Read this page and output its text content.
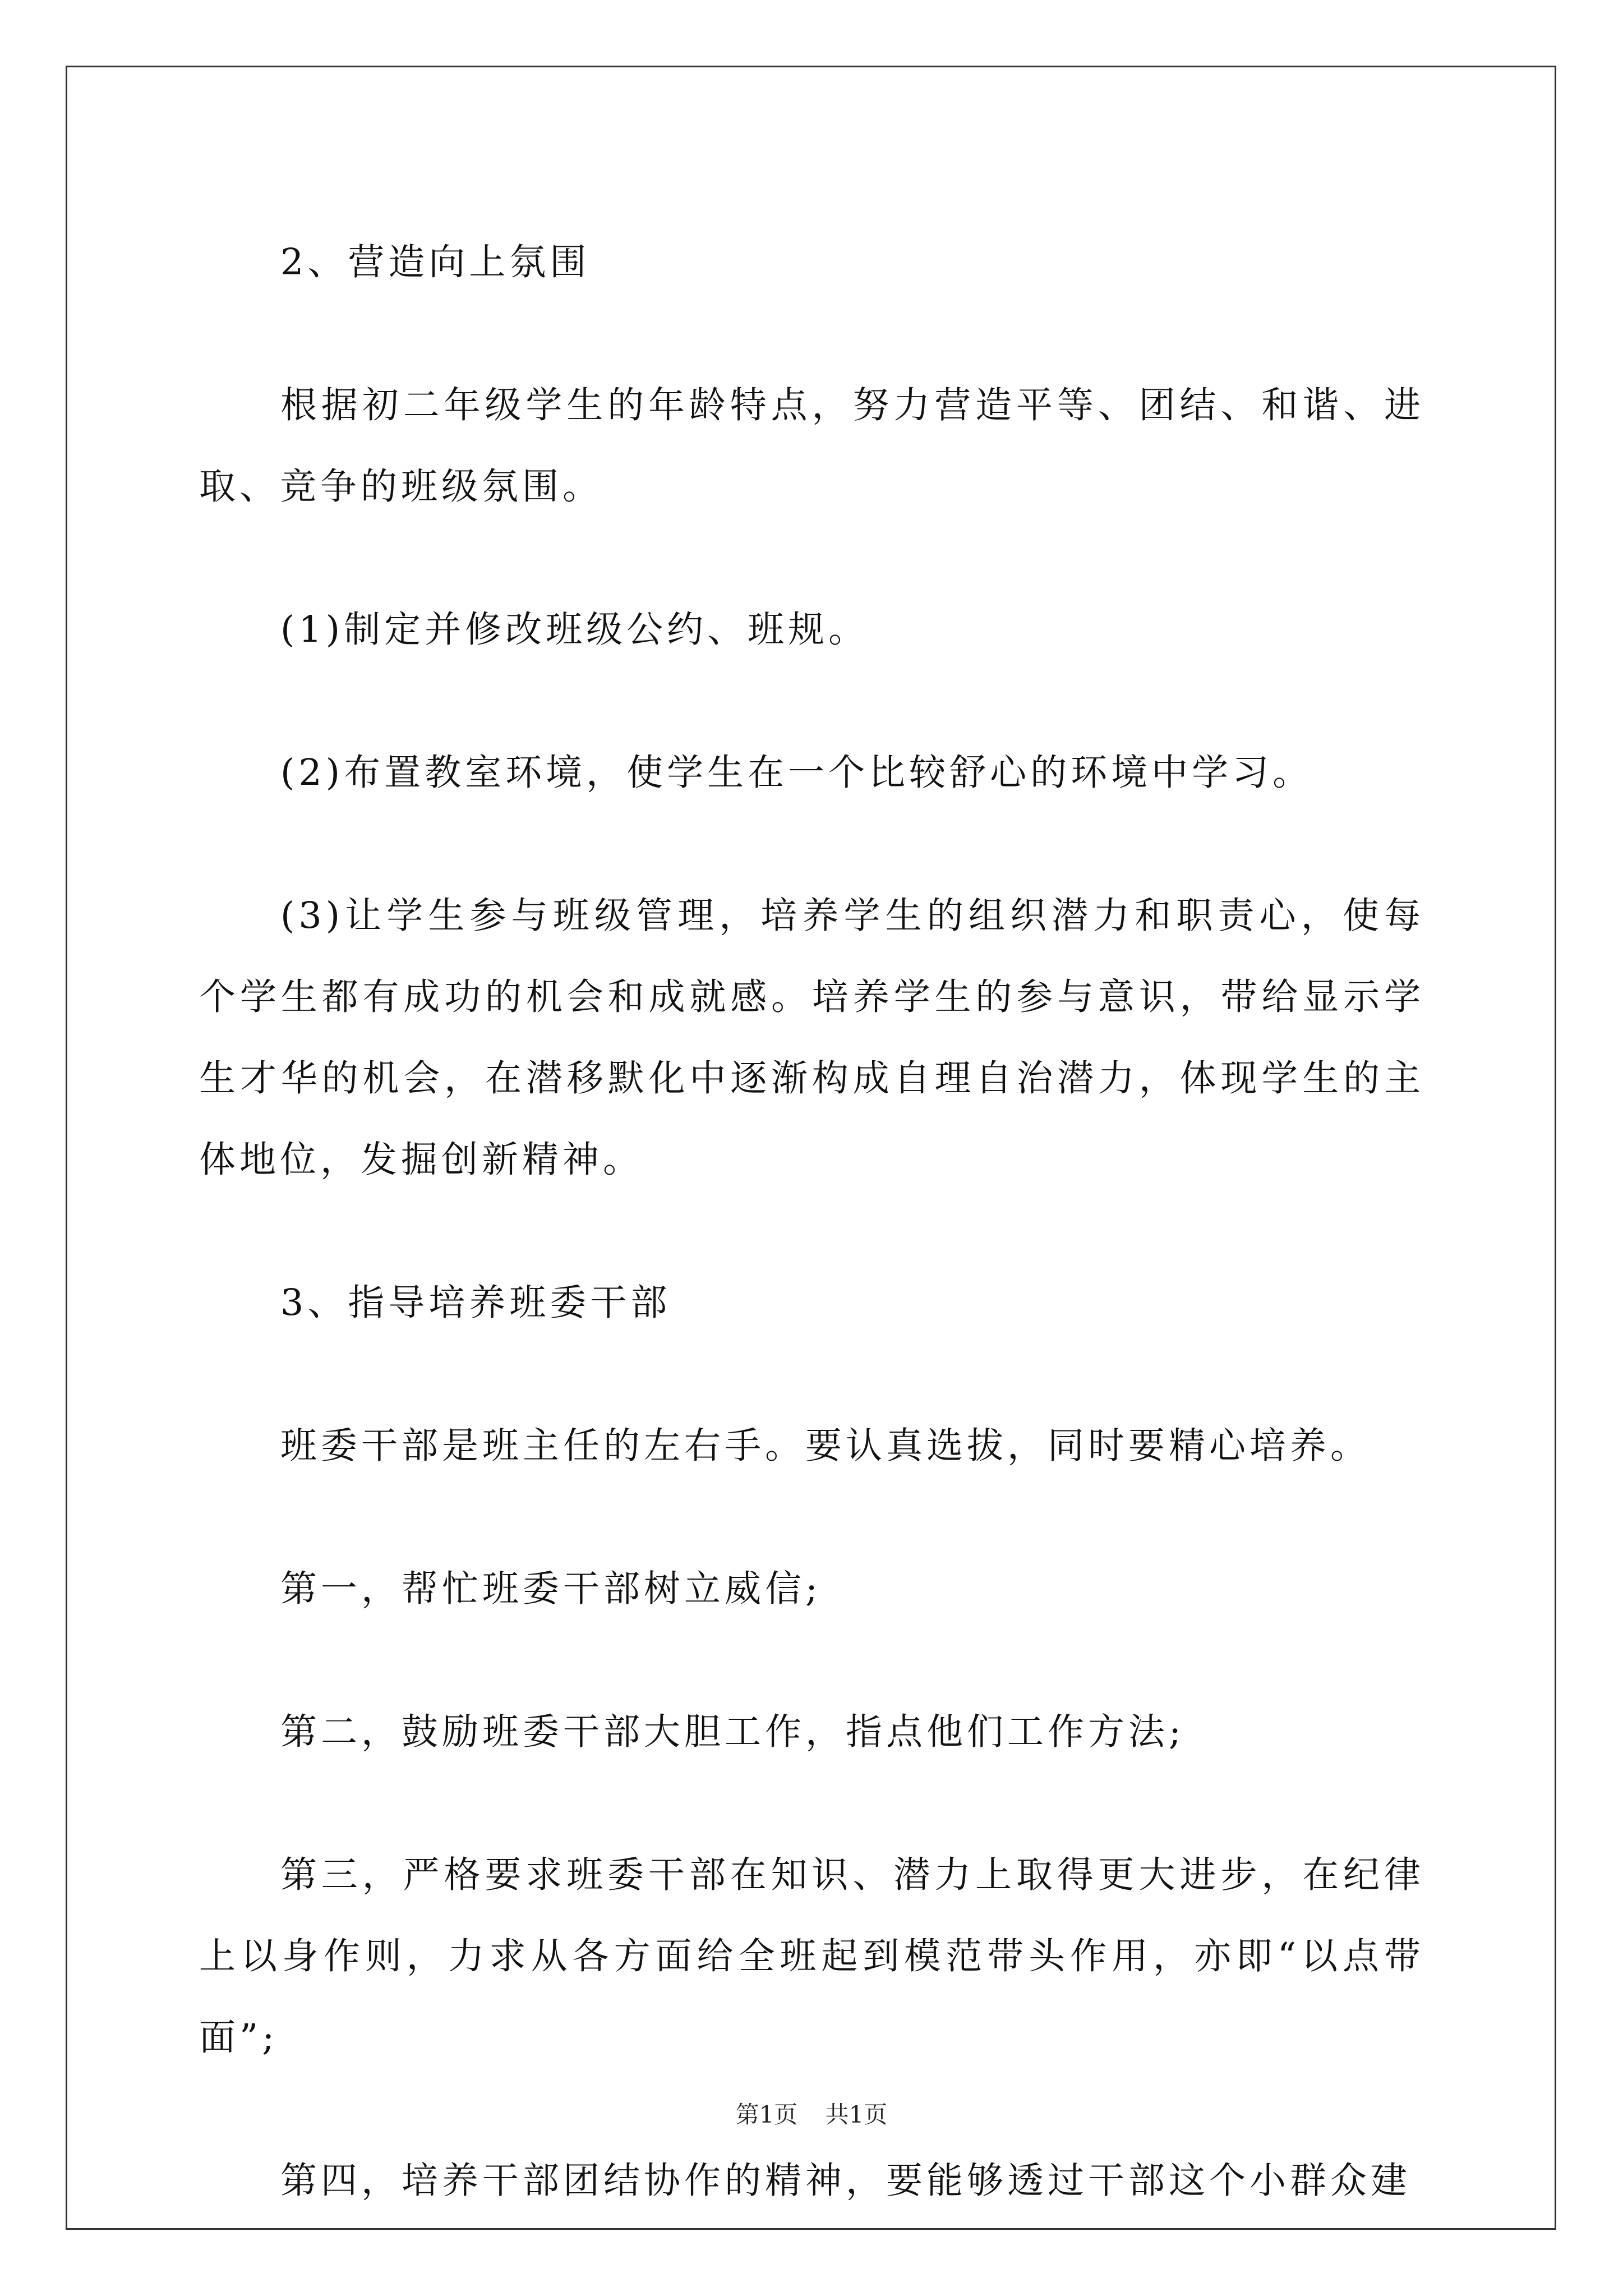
2、营造向上氛围

根据初二年级学生的年龄特点，努力营造平等、团结、和谐、进取、竞争的班级氛围。

(1)制定并修改班级公约、班规。

(2)布置教室环境，使学生在一个比较舒心的环境中学习。

(3)让学生参与班级管理，培养学生的组织潜力和职责心，使每个学生都有成功的机会和成就感。培养学生的参与意识，带给显示学生才华的机会，在潜移默化中逐渐构成自理自治潜力，体现学生的主体地位，发掘创新精神。

3、指导培养班委干部

班委干部是班主任的左右手。要认真选拔，同时要精心培养。

第一，帮忙班委干部树立威信;

第二，鼓励班委干部大胆工作，指点他们工作方法;

第三，严格要求班委干部在知识、潜力上取得更大进步，在纪律上以身作则，力求从各方面给全班起到模范带头作用，亦即“以点带面”;

第四，培养干部团结协作的精神，要能够透过干部这个小群众建

第1页 共1页
